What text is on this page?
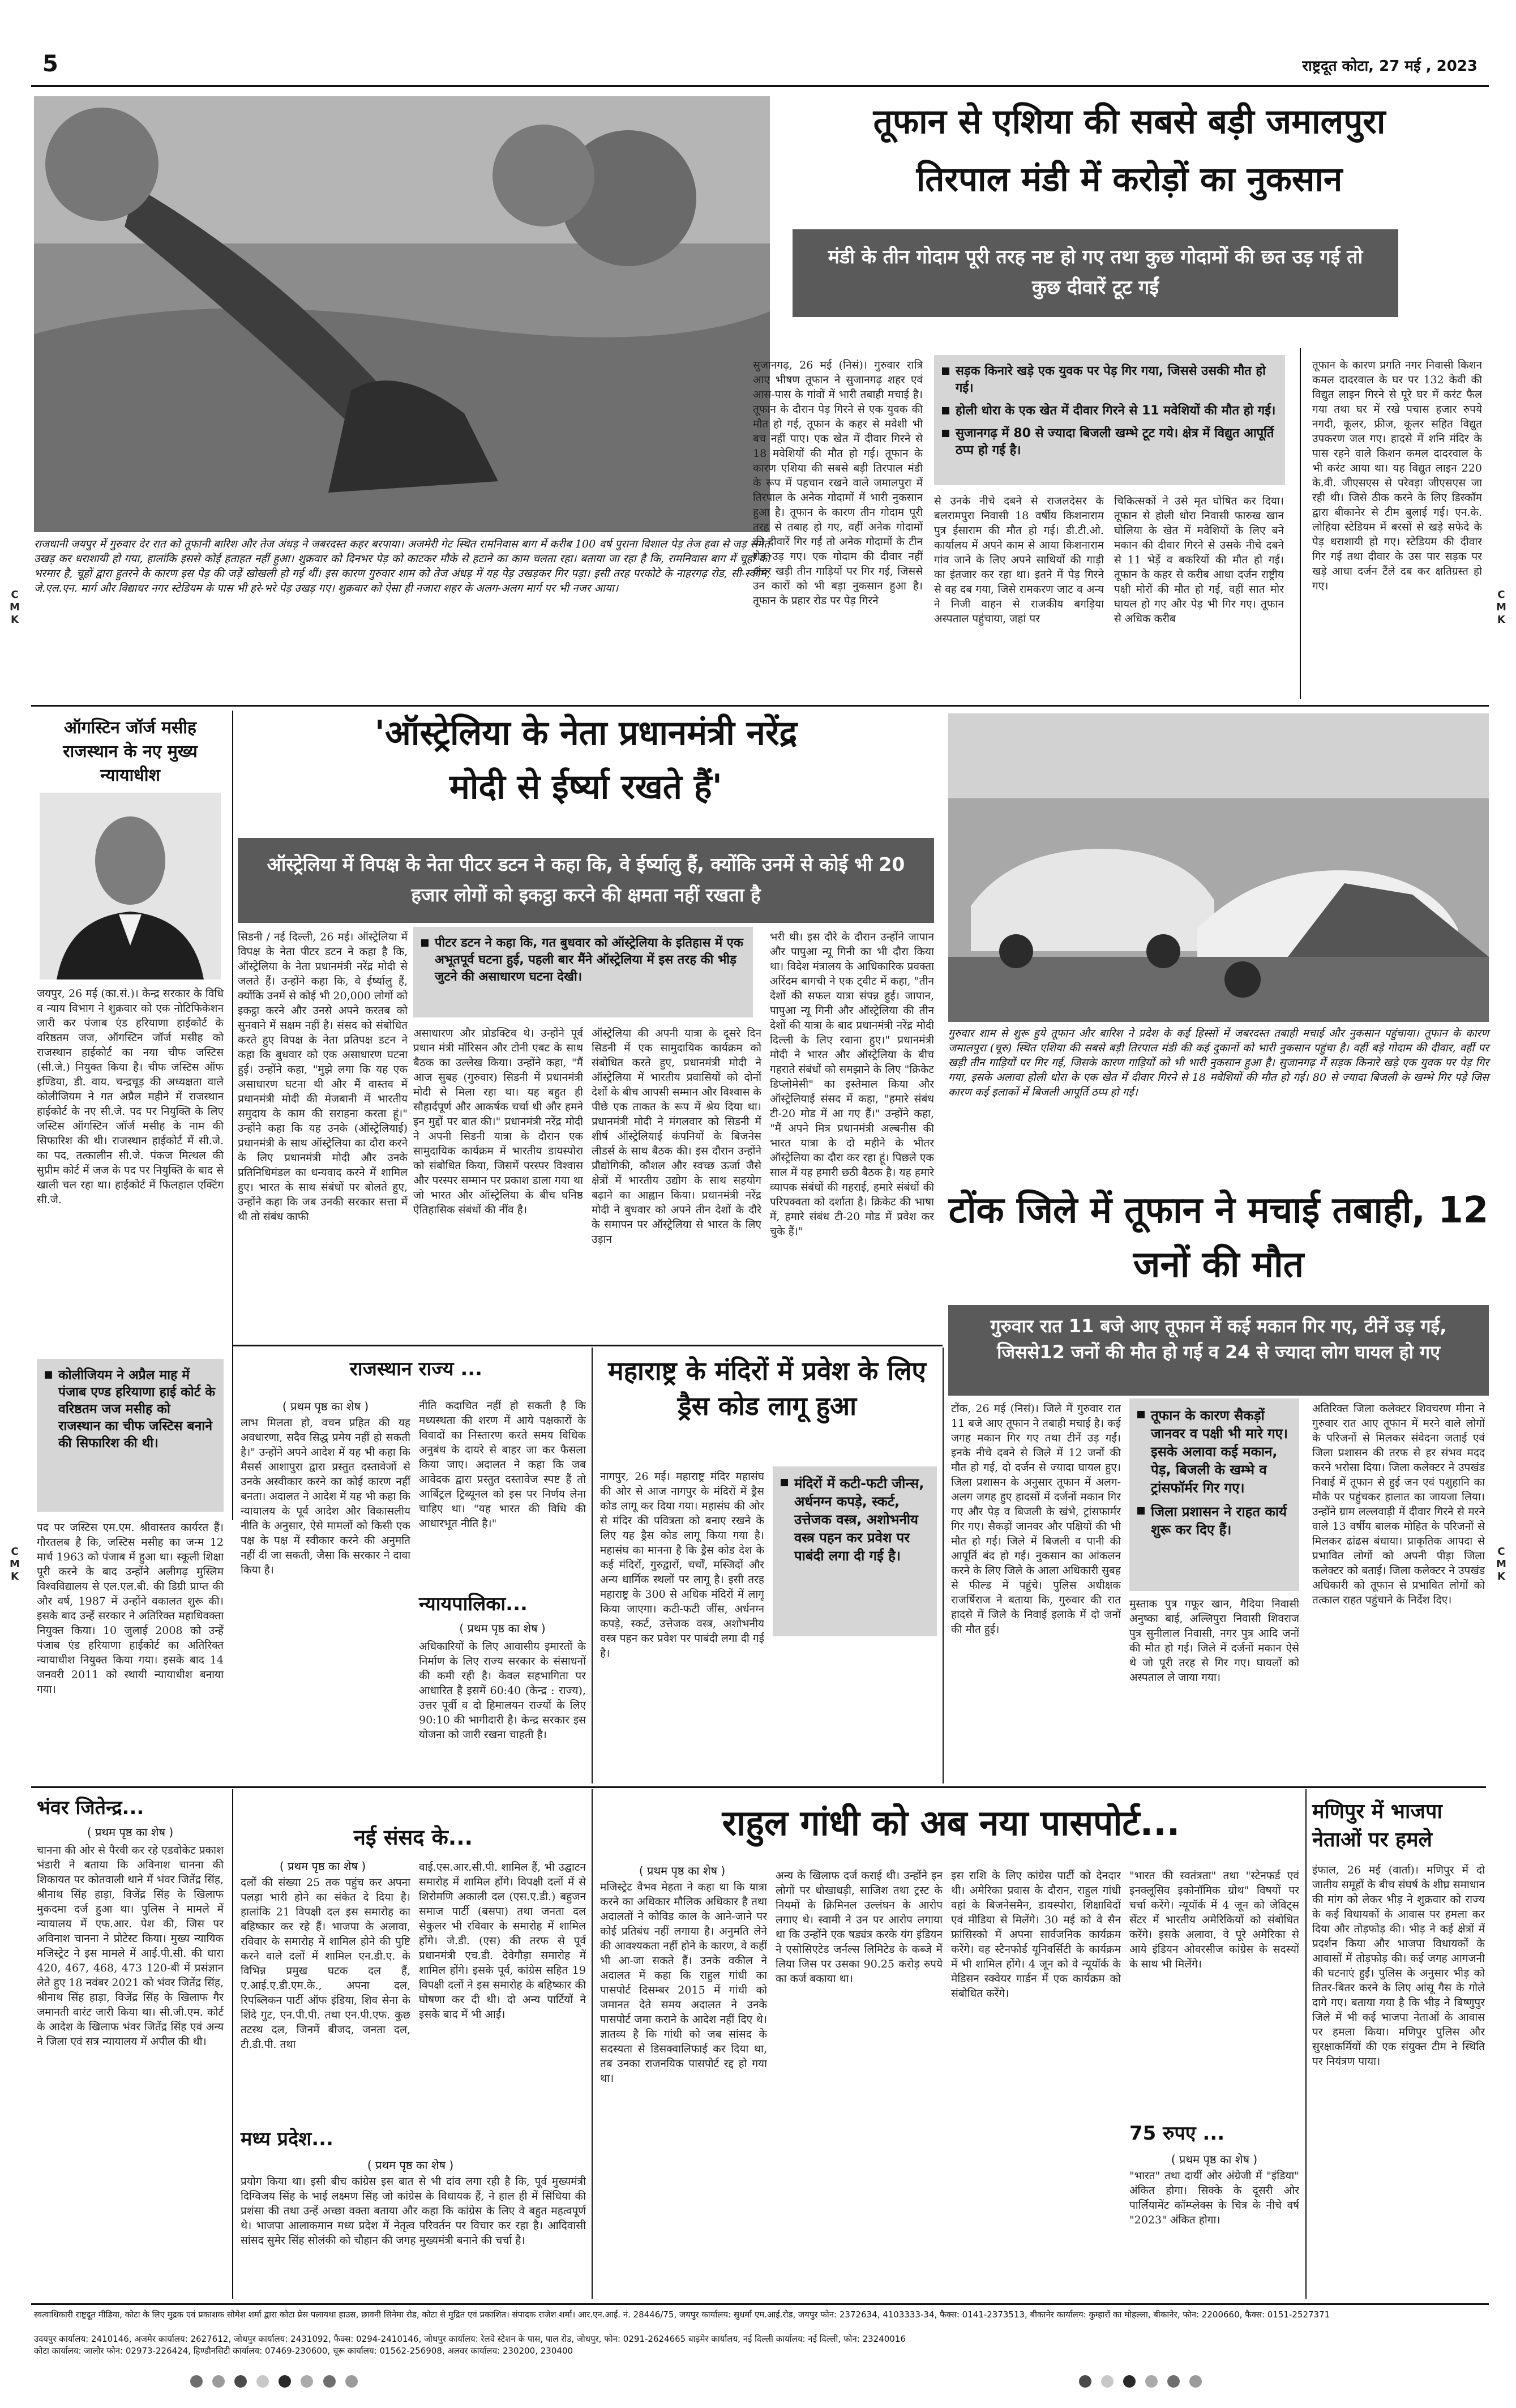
5	राष्ट्रदूत कोटा, 27 मई , 2023
C
M
K
C
M
K
C
M
K
C
M
K
राजधानी जयपुर में गुरुवार देर रात को तूफानी बारिश और तेज अंधड़ ने जबरदस्त कहर बरपाया। अजमेरी गेट स्थित रामनिवास बाग में करीब 100 वर्ष पुराना विशाल पेड़ तेज हवा से जड़ समेत उखड़ कर धराशायी हो गया, हालांकि इससे कोई हताहत नहीं हुआ। शुक्रवार को दिनभर पेड़ को काटकर मौके से हटाने का काम चलता रहा। बताया जा रहा है कि, रामनिवास बाग में चूहों की भरमार है, चूहों द्वारा हुतरने के कारण इस पेड़ की जड़ें खोखली हो गई थीं। इस कारण गुरुवार शाम को तेज अंधड़ में यह पेड़ उखड़कर गिर पड़ा। इसी तरह परकोटे के नाहरगढ़ रोड, सी-स्कीम, जे.एल.एन. मार्ग और विद्याधर नगर स्टेडियम के पास भी हरे-भरे पेड़ उखड़ गए। शुक्रवार को ऐसा ही नजारा शहर के अलग-अलग मार्ग पर भी नजर आया।
तूफान से एशिया की सबसे बड़ी जमालपुरा
तिरपाल मंडी में करोड़ों का नुकसान
मंडी के तीन गोदाम पूरी तरह नष्ट हो गए तथा कुछ गोदामों की छत उड़ गई तो कुछ दीवारें टूट गईं
सुजानगढ़, 26 मई (निसं)। गुरुवार रात्रि आए भीषण तूफान ने सुजानगढ़ शहर एवं आस-पास के गांवों में भारी तबाही मचाई है। तूफान के दौरान पेड़ गिरने से एक युवक की मौत हो गई, तूफान के कहर से मवेशी भी बच नहीं पाए। एक खेत में दीवार गिरने से 18 मवेशियों की मौत हो गई। तूफान के कारण एशिया की सबसे बड़ी तिरपाल मंडी के रूप में पहचान रखने वाले जमालपुरा में तिरपाल के अनेक गोदामों में भारी नुकसान हुआ है। तूफान के कारण तीन गोदाम पूरी तरह से तबाह हो गए, वहीं अनेक गोदामों की दीवारें गिर गईं तो अनेक गोदामों के टीन शेड उड़ गए। एक गोदाम की दीवार नहीं अंदर खड़ी तीन गाड़ियों पर गिर गई, जिससे उन कारों को भी बड़ा नुकसान हुआ है। तूफान के प्रहार रोड पर पेड़ गिरने

सड़क किनारे खड़े एक युवक पर पेड़ गिर गया, जिससे उसकी मौत हो गई।

होली धोरा के एक खेत में दीवार गिरने से 11 मवेशियों की मौत हो गई।

सुजानगढ़ में 80 से ज्यादा बिजली खम्भे टूट गये। क्षेत्र में विद्युत आपूर्ति ठप्प हो गई है।

से उनके नीचे दबने से राजलदेसर के बलरामपुरा निवासी 18 वर्षीय किशनाराम पुत्र ईसाराम की मौत हो गई। डी.टी.ओ. कार्यालय में अपने काम से आया किशनाराम गांव जाने के लिए अपने साथियों की गाड़ी का इंतजार कर रहा था। इतने में पेड़ गिरने से वह दब गया, जिसे रामकरण जाट व अन्य ने निजी वाहन से राजकीय बगड़िया अस्पताल पहुंचाया, जहां पर
चिकित्सकों ने उसे मृत घोषित कर दिया। तूफान से होली धोरा निवासी फारुख खान घोलिया के खेत में मवेशियों के लिए बने मकान की दीवार गिरने से उसके नीचे दबने से 11 भेड़ें व बकरियों की मौत हो गई। तूफान के कहर से करीब आधा दर्जन राष्ट्रीय पक्षी मोरों की मौत हो गई, वहीं सात मोर घायल हो गए और पेड़ भी गिर गए। तूफान से अधिक करीब
तूफान के कारण प्रगति नगर निवासी किशन कमल दादरवाल के घर पर 132 केवी की विद्युत लाइन गिरने से पूरे घर में करंट फैल गया तथा घर में रखे पचास हजार रुपये नगदी, कूलर, फ्रीज, कूलर सहित विद्युत उपकरण जल गए। हादसे में शनि मंदिर के पास रहने वाले किशन कमल दादरवाल के भी करंट आया था। यह विद्युत लाइन 220 के.वी. जीएसएस से परेवड़ा जीएसएस जा रही थी। जिसे ठीक करने के लिए डिस्कॉम द्वारा बीकानेर से टीम बुलाई गई। एन.के. लोहिया स्टेडियम में बरसों से खड़े सफेदे के पेड़ धराशायी हो गए। स्टेडियम की दीवार गिर गई तथा दीवार के उस पार सड़क पर खड़े आधा दर्जन टैंले दब कर क्षतिग्रस्त हो गए।
ऑगस्टिन जॉर्ज मसीह राजस्थान के नए मुख्य न्यायाधीश
जयपुर, 26 मई (का.सं.)। केन्द्र सरकार के विधि व न्याय विभाग ने शुक्रवार को एक नोटिफिकेशन जारी कर पंजाब एंड हरियाणा हाईकोर्ट के वरिष्ठतम जज, ऑगस्टिन जॉर्ज मसीह को राजस्थान हाईकोर्ट का नया चीफ जस्टिस (सी.जे.) नियुक्त किया है। चीफ जस्टिस ऑफ इण्डिया, डी. वाय. चन्द्रचूड़ की अध्यक्षता वाले कोलीजियम ने गत अप्रैल महीने में राजस्थान हाईकोर्ट के नए सी.जे. पद पर नियुक्ति के लिए जस्टिस ऑगस्टिन जॉर्ज मसीह के नाम की सिफारिश की थी। राजस्थान हाईकोर्ट में सी.जे. का पद, तत्कालीन सी.जे. पंकज मित्थल की सुप्रीम कोर्ट में जज के पद पर नियुक्ति के बाद से खाली चल रहा था। हाईकोर्ट में फिलहाल एक्टिंग सी.जे.

कोलीजियम ने अप्रैल माह में पंजाब एण्ड हरियाणा हाई कोर्ट के वरिष्ठतम जज मसीह को राजस्थान का चीफ जस्टिस बनाने की सिफारिश की थी।

पद पर जस्टिस एम.एम. श्रीवास्तव कार्यरत हैं। गौरतलब है कि, जस्टिस मसीह का जन्म 12 मार्च 1963 को पंजाब में हुआ था। स्कूली शिक्षा पूरी करने के बाद उन्होंने अलीगढ़ मुस्लिम विश्वविद्यालय से एल.एल.बी. की डिग्री प्राप्त की और वर्ष, 1987 में उन्होंने वकालत शुरू की। इसके बाद उन्हें सरकार ने अतिरिक्त महाधिवक्ता नियुक्त किया। 10 जुलाई 2008 को उन्हें पंजाब एंड हरियाणा हाईकोर्ट का अतिरिक्त न्यायाधीश नियुक्त किया गया। इसके बाद 14 जनवरी 2011 को स्थायी न्यायाधीश बनाया गया।
'ऑस्ट्रेलिया के नेता प्रधानमंत्री नरेंद्र
मोदी से ईर्ष्या रखते हैं'
ऑस्ट्रेलिया में विपक्ष के नेता पीटर डटन ने कहा कि, वे ईर्ष्यालु हैं, क्योंकि उनमें से कोई भी 20 हजार लोगों को इकट्ठा करने की क्षमता नहीं रखता है
सिडनी / नई दिल्ली, 26 मई। ऑस्ट्रेलिया में विपक्ष के नेता पीटर डटन ने कहा है कि, ऑस्ट्रेलिया के नेता प्रधानमंत्री नरेंद्र मोदी से जलते हैं। उन्होंने कहा कि, वे ईर्ष्यालु हैं, क्योंकि उनमें से कोई भी 20,000 लोगों को इकट्ठा करने और उनसे अपने करतब को सुनवाने में सक्षम नहीं है। संसद को संबोधित करते हुए विपक्ष के नेता प्रतिपक्ष डटन ने कहा कि बुधवार को एक असाधारण घटना हुई। उन्होंने कहा, "मुझे लगा कि यह एक असाधारण घटना थी और मैं वास्तव में प्रधानमंत्री मोदी की मेजबानी में भारतीय समुदाय के काम की सराहना करता हूं।" उन्होंने कहा कि यह उनके (ऑस्ट्रेलियाई) प्रधानमंत्री के साथ ऑस्ट्रेलिया का दौरा करने के लिए प्रधानमंत्री मोदी और उनके प्रतिनिधिमंडल का धन्यवाद करने में शामिल हुए। भारत के साथ संबंधों पर बोलते हुए, उन्होंने कहा कि जब उनकी सरकार सत्ता में थी तो संबंध काफी

पीटर डटन ने कहा कि, गत बुधवार को ऑस्ट्रेलिया के इतिहास में एक अभूतपूर्व घटना हुई, पहली बार मैंने ऑस्ट्रेलिया में इस तरह की भीड़ जुटने की असाधारण घटना देखी।

असाधारण और प्रोडक्टिव थे। उन्होंने पूर्व प्रधान मंत्री मॉरिसन और टोनी एबट के साथ बैठक का उल्लेख किया। उन्होंने कहा, "मैं आज सुबह (गुरुवार) सिडनी में प्रधानमंत्री मोदी से मिला रहा था। यह बहुत ही सौहार्दपूर्ण और आकर्षक चर्चा थी और हमने इन मुद्दों पर बात की।" प्रधानमंत्री नरेंद्र मोदी ने अपनी सिडनी यात्रा के दौरान एक सामुदायिक कार्यक्रम में भारतीय डायस्पोरा को संबोधित किया, जिसमें परस्पर विश्वास और परस्पर सम्मान पर प्रकाश डाला गया था जो भारत और ऑस्ट्रेलिया के बीच घनिष्ठ ऐतिहासिक संबंधों की नींव है।
ऑस्ट्रेलिया की अपनी यात्रा के दूसरे दिन सिडनी में एक सामुदायिक कार्यक्रम को संबोधित करते हुए, प्रधानमंत्री मोदी ने ऑस्ट्रेलिया में भारतीय प्रवासियों को दोनों देशों के बीच आपसी सम्मान और विश्वास के पीछे एक ताकत के रूप में श्रेय दिया था। प्रधानमंत्री मोदी ने मंगलवार को सिडनी में शीर्ष ऑस्ट्रेलियाई कंपनियों के बिजनेस लीडर्स के साथ बैठक की। इस दौरान उन्होंने प्रौद्योगिकी, कौशल और स्वच्छ ऊर्जा जैसे क्षेत्रों में भारतीय उद्योग के साथ सहयोग बढ़ाने का आह्वान किया। प्रधानमंत्री नरेंद्र मोदी ने बुधवार को अपने तीन देशों के दौरे के समापन पर ऑस्ट्रेलिया से भारत के लिए उड़ान
भरी थी। इस दौरे के दौरान उन्होंने जापान और पापुआ न्यू गिनी का भी दौरा किया था। विदेश मंत्रालय के आधिकारिक प्रवक्ता अरिंदम बागची ने एक ट्वीट में कहा, "तीन देशों की सफल यात्रा संपन्न हुई। जापान, पापुआ न्यू गिनी और ऑस्ट्रेलिया की तीन देशों की यात्रा के बाद प्रधानमंत्री नरेंद्र मोदी दिल्ली के लिए रवाना हुए।" प्रधानमंत्री मोदी ने भारत और ऑस्ट्रेलिया के बीच गहराते संबंधों को समझाने के लिए "क्रिकेट डिप्लोमेसी" का इस्तेमाल किया और ऑस्ट्रेलियाई संसद में कहा, "हमारे संबंध टी-20 मोड में आ गए हैं।" उन्होंने कहा, "मैं अपने मित्र प्रधानमंत्री अल्बनीस की भारत यात्रा के दो महीने के भीतर ऑस्ट्रेलिया का दौरा कर रहा हूं। पिछले एक साल में यह हमारी छठी बैठक है। यह हमारे व्यापक संबंधों की गहराई, हमारे संबंधों की परिपक्वता को दर्शाता है। क्रिकेट की भाषा में, हमारे संबंध टी-20 मोड में प्रवेश कर चुके हैं।"
गुरुवार शाम से शुरू हुये तूफान और बारिश ने प्रदेश के कई हिस्सों में जबरदस्त तबाही मचाई और नुकसान पहुंचाया। तूफान के कारण जमालपुरा (चूरु) स्थित एशिया की सबसे बड़ी तिरपाल मंडी की कई दुकानों को भारी नुकसान पहुंचा है। वहीं बड़े गोदाम की दीवार, वहीं पर खड़ी तीन गाड़ियों पर गिर गई, जिसके कारण गाड़ियों को भी भारी नुकसान हुआ है। सुजानगढ़ में सड़क किनारे खड़े एक युवक पर पेड़ गिर गया, इसके अलावा होली धोरा के एक खेत में दीवार गिरने से 18 मवेशियों की मौत हो गई। 80 से ज्यादा बिजली के खम्भे गिर पड़े जिस कारण कई इलाकों में बिजली आपूर्ति ठप्प हो गई।
टोंक जिले में तूफान ने मचाई तबाही, 12 जनों की मौत
गुरुवार रात 11 बजे आए तूफान में कई मकान गिर गए, टीनें उड़ गई, जिससे12 जनों की मौत हो गई व 24 से ज्यादा लोग घायल हो गए
टोंक, 26 मई (निसं)। जिले में गुरुवार रात 11 बजे आए तूफान ने तबाही मचाई है। कई जगह मकान गिर गए तथा टीनें उड़ गईं। इनके नीचे दबने से जिले में 12 जनों की मौत हो गई, दो दर्जन से ज्यादा घायल हुए। जिला प्रशासन के अनुसार तूफान में अलग-अलग जगह हुए हादसों में दर्जनों मकान गिर गए और पेड़ व बिजली के खंभे, ट्रांसफार्मर गिर गए। सैकड़ों जानवर और पक्षियों की भी मौत हो गई। जिले में बिजली व पानी की आपूर्ति बंद हो गई। नुकसान का आंकलन करने के लिए जिले के आला अधिकारी सुबह से फील्ड में पहुंचे। पुलिस अधीक्षक राजर्षिराज ने बताया कि, गुरुवार की रात हादसे में जिले के निवाई इलाके में दो जनों की मौत हुई।

तूफान के कारण सैकड़ों जानवर व पक्षी भी मारे गए। इसके अलावा कई मकान, पेड़, बिजली के खम्भे व ट्रांसफॉर्मर गिर गए।

जिला प्रशासन ने राहत कार्य शुरू कर दिए हैं।

मुस्ताक पुत्र गफूर खान, गैदिया निवासी अनुष्का बाई, अल्लिपुरा निवासी शिवराज पुत्र सुनीलाल निवासी, नगर पुत्र आदि जनों की मौत हो गई। जिले में दर्जनों मकान ऐसे थे जो पूरी तरह से गिर गए। घायलों को अस्पताल ले जाया गया।
अतिरिक्त जिला कलेक्टर शिवचरण मीना ने गुरुवार रात आए तूफान में मरने वाले लोगों के परिजनों से मिलकर संवेदना जताई एवं जिला प्रशासन की तरफ से हर संभव मदद करने भरोसा दिया। जिला कलेक्टर ने उपखंड निवाई में तूफान से हुई जन एवं पशुहानि का मौके पर पहुंचकर हालात का जायजा लिया। उन्होंने ग्राम लल्लवाड़ी में दीवार गिरने से मरने वाले 13 वर्षीय बालक मोहित के परिजनों से मिलकर ढांढस बंधाया। प्राकृतिक आपदा से प्रभावित लोगों को अपनी पीड़ा जिला कलेक्टर को बताई। जिला कलेक्टर ने उपखंड अधिकारी को तूफान से प्रभावित लोगों को तत्काल राहत पहुंचाने के निर्देश दिए।
राजस्थान राज्य ...
( प्रथम पृष्ठ का शेष )
लाभ मिलता हो, वचन प्रहित की यह अवधारणा, सदैव सिद्ध प्रमेय नहीं हो सकती है।" उन्होंने अपने आदेश में यह भी कहा कि मैसर्स आशापुरा द्वारा प्रस्तुत दस्तावेजों से उनके अस्वीकार करने का कोई कारण नहीं बनता। अदालत ने आदेश में यह भी कहा कि न्यायालय के पूर्व आदेश और विकासलीय नीति के अनुसार, ऐसे मामलों को किसी एक पक्ष के पक्ष में स्वीकार करने की अनुमति नहीं दी जा सकती, जैसा कि सरकार ने दावा किया है।
नीति कदाचित नहीं हो सकती है कि मध्यस्थता की शरण में आये पक्षकारों के विवादों का निस्तारण करते समय विधिक अनुबंध के दायरे से बाहर जा कर फैसला किया जाए। अदालत ने कहा कि जब आवेदक द्वारा प्रस्तुत दस्तावेज स्पष्ट हैं तो आर्बिट्रल ट्रिब्यूनल को इस पर निर्णय लेना चाहिए था। "यह भारत की विधि की आधारभूत नीति है।"
न्यायपालिका...
( प्रथम पृष्ठ का शेष )
अधिकारियों के लिए आवासीय इमारतों के निर्माण के लिए राज्य सरकार के संसाधनों की कमी रही है। केवल सहभागिता पर आधारित है इसमें 60:40 (केन्द्र : राज्य), उत्तर पूर्वी व दो हिमालयन राज्यों के लिए 90:10 की भागीदारी है। केन्द्र सरकार इस योजना को जारी रखना चाहती है।
महाराष्ट्र के मंदिरों में प्रवेश के लिए ड्रैस कोड लागू हुआ
नागपुर, 26 मई। महाराष्ट्र मंदिर महासंघ की ओर से आज नागपुर के मंदिरों में ड्रैस कोड लागू कर दिया गया। महासंघ की ओर से मंदिर की पवित्रता को बनाए रखने के लिए यह ड्रैस कोड लागू किया गया है। महासंघ का मानना है कि ड्रैस कोड देश के कई मंदिरों, गुरुद्वारों, चर्चों, मस्जिदों और अन्य धार्मिक स्थलों पर लागू है। इसी तरह महाराष्ट्र के 300 से अधिक मंदिरों में लागू किया जाएगा। कटी-फटी जींस, अर्धनग्न कपड़े, स्कर्ट, उत्तेजक वस्त्र, अशोभनीय वस्त्र पहन कर प्रवेश पर पाबंदी लगा दी गई है।

मंदिरों में कटी-फटी जीन्स, अर्धनग्न कपड़े, स्कर्ट, उत्तेजक वस्त्र, अशोभनीय वस्त्र पहन कर प्रवेश पर पाबंदी लगा दी गई है।

भंवर जितेन्द्र...
( प्रथम पृष्ठ का शेष )
चानना की ओर से पैरवी कर रहे एडवोकेट प्रकाश भंडारी ने बताया कि अविनाश चानना की शिकायत पर कोतवाली थाने में भंवर जितेंद्र सिंह, श्रीनाथ सिंह हाड़ा, विजेंद्र सिंह के खिलाफ मुकदमा दर्ज हुआ था। पुलिस ने मामले में न्यायालय में एफ.आर. पेश की, जिस पर अविनाश चानना ने प्रोटेस्ट किया। मुख्य न्यायिक मजिस्ट्रेट ने इस मामले में आई.पी.सी. की धारा 420, 467, 468, 473 120-बी में प्रसंज्ञान लेते हुए 18 नवंबर 2021 को भंवर जितेंद्र सिंह, श्रीनाथ सिंह हाड़ा, विजेंद्र सिंह के खिलाफ गैर जमानती वारंट जारी किया था। सी.जी.एम. कोर्ट के आदेश के खिलाफ भंवर जितेंद्र सिंह एवं अन्य ने जिला एवं सत्र न्यायालय में अपील की थी।
नई संसद के...
( प्रथम पृष्ठ का शेष )
दलों की संख्या 25 तक पहुंच कर अपना पलड़ा भारी होने का संकेत दे दिया है। हालांकि 21 विपक्षी दल इस समारोह का बहिष्कार कर रहे हैं। भाजपा के अलावा, रविवार के समारोह में शामिल होने की पुष्टि करने वाले दलों में शामिल एन.डी.ए. के विभिन्न प्रमुख घटक दल हैं, ए.आई.ए.डी.एम.के., अपना दल, रिपब्लिकन पार्टी ऑफ इंडिया, शिव सेना के शिंदे गुट, एन.पी.पी. तथा एन.पी.एफ. कुछ तटस्थ दल, जिनमें बीजद, जनता दल, टी.डी.पी. तथा
वाई.एस.आर.सी.पी. शामिल हैं, भी उद्घाटन समारोह में शामिल होंगे। विपक्षी दलों में से शिरोमणि अकाली दल (एस.ए.डी.) बहुजन समाज पार्टी (बसपा) तथा जनता दल सेकुलर भी रविवार के समारोह में शामिल होंगे। जे.डी. (एस) की तरफ से पूर्व प्रधानमंत्री एच.डी. देवेगौड़ा समारोह में शामिल होंगे। इसके पूर्व, कांग्रेस सहित 19 विपक्षी दलों ने इस समारोह के बहिष्कार की घोषणा कर दी थी। दो अन्य पार्टियों ने इसके बाद में भी आईं।
मध्य प्रदेश...
( प्रथम पृष्ठ का शेष )
प्रयोग किया था। इसी बीच कांग्रेस इस बात से भी दांव लगा रही है कि, पूर्व मुख्यमंत्री दिग्विजय सिंह के भाई लक्ष्मण सिंह जो कांग्रेस के विधायक हैं, ने हाल ही में सिंधिया की प्रशंसा की तथा उन्हें अच्छा वक्ता बताया और कहा कि कांग्रेस के लिए वे बहुत महत्वपूर्ण थे। भाजपा आलाकमान मध्य प्रदेश में नेतृत्व परिवर्तन पर विचार कर रहा है। आदिवासी सांसद सुमेर सिंह सोलंकी को चौहान की जगह मुख्यमंत्री बनाने की चर्चा है।
राहुल गांधी को अब नया पासपोर्ट...
( प्रथम पृष्ठ का शेष )
मजिस्ट्रेट वैभव मेहता ने कहा था कि यात्रा करने का अधिकार मौलिक अधिकार है तथा अदालतों ने कोविड काल के आने-जाने पर कोई प्रतिबंध नहीं लगाया है। अनुमति लेने की आवश्यकता नहीं होने के कारण, वे कहीं भी आ-जा सकते हैं। उनके वकील ने अदालत में कहा कि राहुल गांधी का पासपोर्ट दिसम्बर 2015 में गांधी को जमानत देते समय अदालत ने उनके पासपोर्ट जमा कराने के आदेश नहीं दिए थे। ज्ञातव्य है कि गांधी को जब सांसद के सदस्यता से डिसक्वालिफाई कर दिया था, तब उनका राजनयिक पासपोर्ट रद्द हो गया था।
अन्य के खिलाफ दर्ज कराई थी। उन्होंने इन लोगों पर धोखाधड़ी, साजिश तथा ट्रस्ट के नियमों के क्रिमिनल उल्लंघन के आरोप लगाए थे। स्वामी ने उन पर आरोप लगाया था कि उन्होंने एक षड्यंत्र करके यंग इंडियन ने एसोसिएटेड जर्नल्स लिमिटेड के कब्जे में लिया जिस पर उसका 90.25 करोड़ रुपये का कर्ज बकाया था।
इस राशि के लिए कांग्रेस पार्टी को देनदार थी। अमेरिका प्रवास के दौरान, राहुल गांधी वहां के बिजनेसमैन, डायस्पोरा, शिक्षाविदों एवं मीडिया से मिलेंगे। 30 मई को वे सैन फ्रांसिस्को में अपना सार्वजनिक कार्यक्रम करेंगे। वह स्टैनफोर्ड यूनिवर्सिटी के कार्यक्रम में भी शामिल होंगे। 4 जून को वे न्यूयॉर्क के मेडिसन स्क्वेयर गार्डन में एक कार्यक्रम को संबोधित करेंगे।
"भारत की स्वतंत्रता" तथा "स्टेनफर्ड एवं इनक्लूसिव इकोनॉमिक ग्रोथ" विषयों पर चर्चा करेंगे। न्यूयॉर्क में 4 जून को जेविट्स सेंटर में भारतीय अमेरिकियों को संबोधित करेंगे। इसके अलावा, वे पूरे अमेरिका से आये इंडियन ओवरसीज कांग्रेस के सदस्यों के साथ भी मिलेंगे।
75 रुपए ...
( प्रथम पृष्ठ का शेष )
"भारत" तथा दायीं ओर अंग्रेजी में "इंडिया" अंकित होगा। सिक्के के दूसरी ओर पार्लियामेंट कॉम्प्लेक्स के चित्र के नीचे वर्ष "2023" अंकित होगा।
मणिपुर में भाजपा नेताओं पर हमले
इंफाल, 26 मई (वार्ता)। मणिपुर में दो जातीय समूहों के बीच संघर्ष के शीघ्र समाधान की मांग को लेकर भीड़ ने शुक्रवार को राज्य के कई विधायकों के आवास पर हमला कर दिया और तोड़फोड़ की। भीड़ ने कई क्षेत्रों में प्रदर्शन किया और भाजपा विधायकों के आवासों में तोड़फोड़ की। कई जगह आगजनी की घटनाएं हुईं। पुलिस के अनुसार भीड़ को तितर-बितर करने के लिए आंसू गैस के गोले दागे गए। बताया गया है कि भीड़ ने बिष्णुपुर जिले में भी कई भाजपा नेताओं के आवास पर हमला किया। मणिपुर पुलिस और सुरक्षाकर्मियों की एक संयुक्त टीम ने स्थिति पर नियंत्रण पाया।
स्वत्वाधिकारी राष्ट्रदूत मीडिया, कोटा के लिए मुद्रक एवं प्रकाशक सोमेश शर्मा द्वारा कोटा प्रेस पलायथा हाउस, छावनी सिनेमा रोड, कोटा से मुद्रित एवं प्रकाशित। संपादक राजेश शर्मा। आर.एन.आई. नं. 28446/75, जयपुर कार्यालय: सुधर्मा एम.आई.रोड, जयपुर फोन: 2372634, 4103333-34, फैक्स: 0141-2373513, बीकानेर कार्यालय: कुम्हारों का मोहल्ला, बीकानेर, फोन: 2200660, फैक्स: 0151-2527371
उदयपुर कार्यालय: 2410146, अजमेर कार्यालय: 2627612, जोधपुर कार्यालय: 2431092, फैक्स: 0294-2410146, जोधपुर कार्यालय: रेलवे स्टेशन के पास, पाल रोड, जोधपुर, फोन: 0291-2624665 बाड़मेर कार्यालय, नई दिल्ली कार्यालय: नई दिल्ली, फोन: 23240016
कोटा कार्यालय: जालोर फोन: 02973-226424, हिण्डौनसिटी कार्यालय: 07469-230600, चूरू कार्यालय: 01562-256908, अलवर कार्यालय: 230200, 230400
